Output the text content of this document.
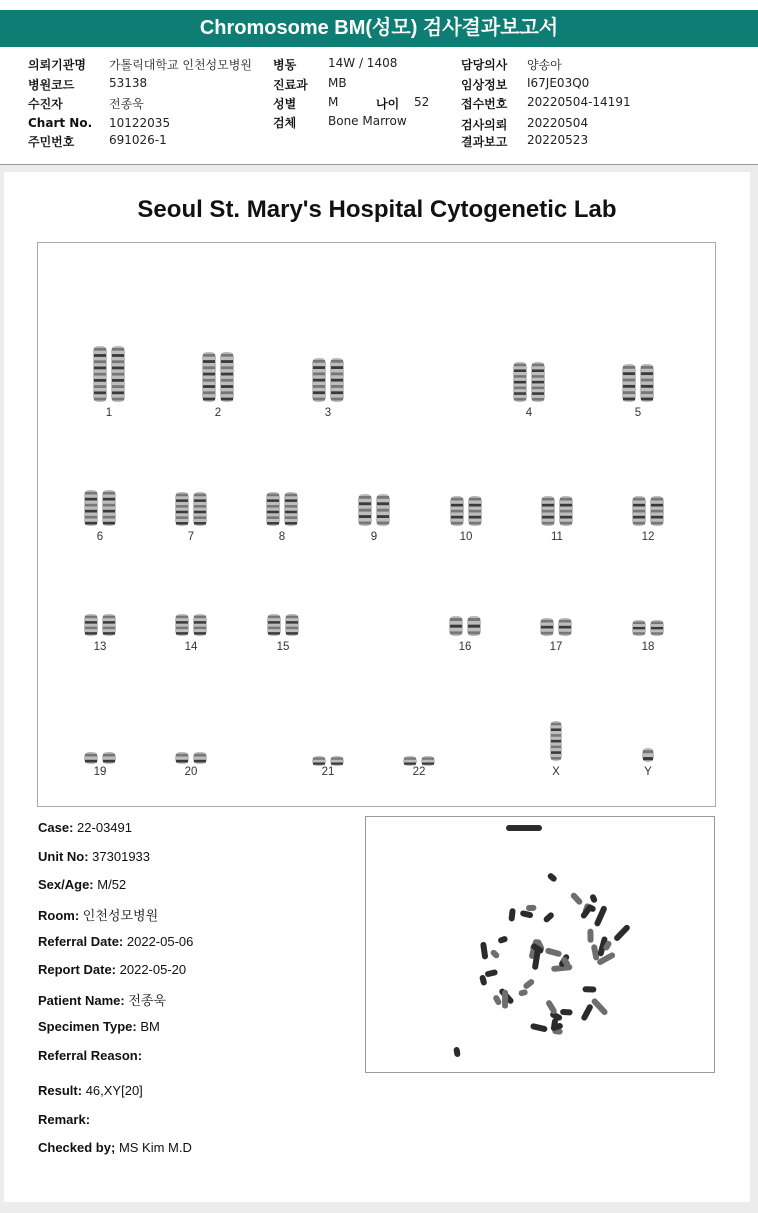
Chromosome BM(성모) 검사결과보고서
의뢰기관명 가톨릭대학교 인천성모병원
병원코드	53138
수진자	전종욱
Chart No. 10122035
주민번호	691026-1
병동	14W / 1408
진료과 MB
성별	M	나이 52
검체	Bone Marrow
담당의사 양송아
임상정보 I67JE03Q0
접수번호 20220504-14191
검사의뢰 20220504
결과보고 20220523
Seoul St. Mary's Hospital Cytogenetic Lab
1	2	3	4	5
6	7	8	9	10	11	12
13	14	15	16	17	18
19	20	21	22	X	Y
Case: 22-03491
Unit No: 37301933
Sex/Age: M/52
Room: 인천성모병원
Referral Date: 2022-05-06
Report Date: 2022-05-20
Patient Name: 전종욱
Specimen Type: BM
Referral Reason:
Result: 46,XY[20]
Remark:
Checked by; MS Kim M.D
